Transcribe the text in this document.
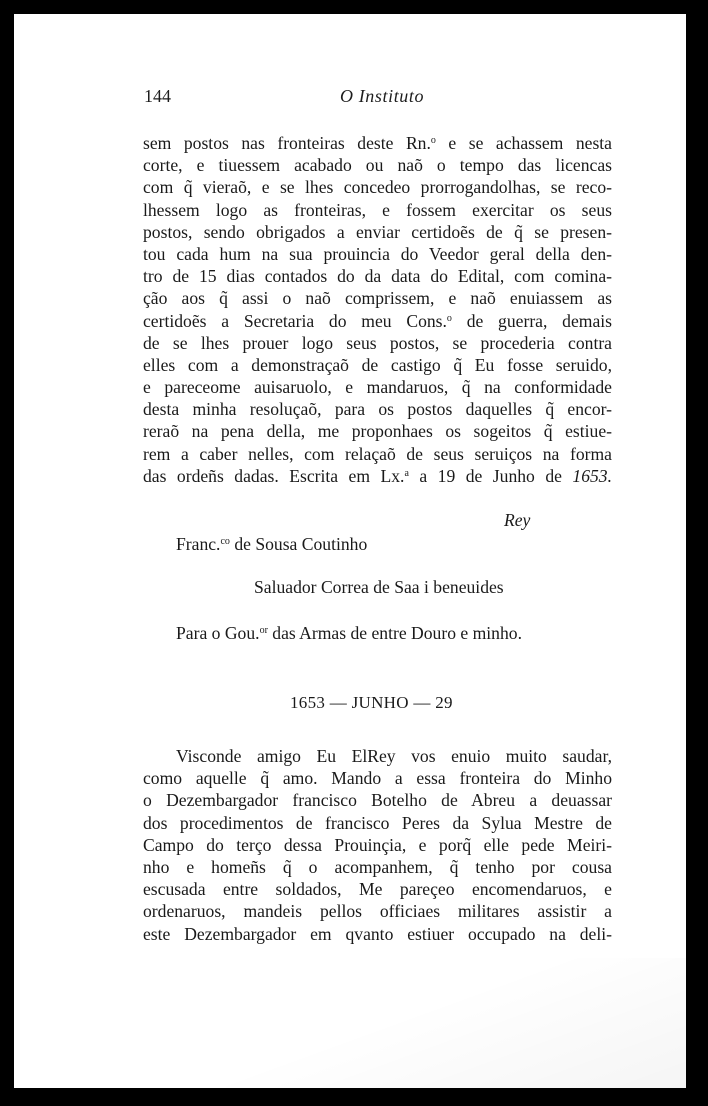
144	O Instituto
sem postos nas fronteiras deste Rn.$^o$ e se achassem nesta
corte, e tiuessem acabado ou naõ o tempo das licencas
com q̃ vieraõ, e se lhes concedeo prorrogandolhas, se reco-
lhessem logo as fronteiras, e fossem exercitar os seus
postos, sendo obrigados a enviar certidoẽs de q̃ se presen-
tou cada hum na sua prouincia do Veedor geral della den-
tro de 15 dias contados do da data do Edital, com comina-
ção aos q̃ assi o naõ comprissem, e naõ enuiassem as
certidoẽs a Secretaria do meu Cons.$^o$ de guerra, demais
de se lhes prouer logo seus postos, se procederia contra
elles com a demonstraçaõ de castigo q̃ Eu fosse seruido,
e pareceome auisaruolo, e mandaruos, q̃ na conformidade
desta minha resoluçaõ, para os postos daquelles q̃ encor-
reraõ na pena della, me proponhaes os sogeitos q̃ estiue-
rem a caber nelles, com relaçaõ de seus seruiços na forma
das ordeñs dadas. Escrita em Lx.$^a$ a 19 de Junho de 1653.
Rey
Franc.$^{co}$ de Sousa Coutinho
Saluador Correa de Saa i beneuides
Para o Gou.$^{or}$ das Armas de entre Douro e minho.
1653 — JUNHO — 29
Visconde amigo Eu ElRey vos enuio muito saudar,
como aquelle q̃ amo. Mando a essa fronteira do Minho
o Dezembargador francisco Botelho de Abreu a deuassar
dos procedimentos de francisco Peres da Sylua Mestre de
Campo do terço dessa Prouinçia, e porq̃ elle pede Meiri-
nho e homeñs q̃ o acompanhem, q̃ tenho por cousa
escusada entre soldados, Me pareçeo encomendaruos, e
ordenaruos, mandeis pellos officiaes militares assistir a
este Dezembargador em qvanto estiuer occupado na deli-
